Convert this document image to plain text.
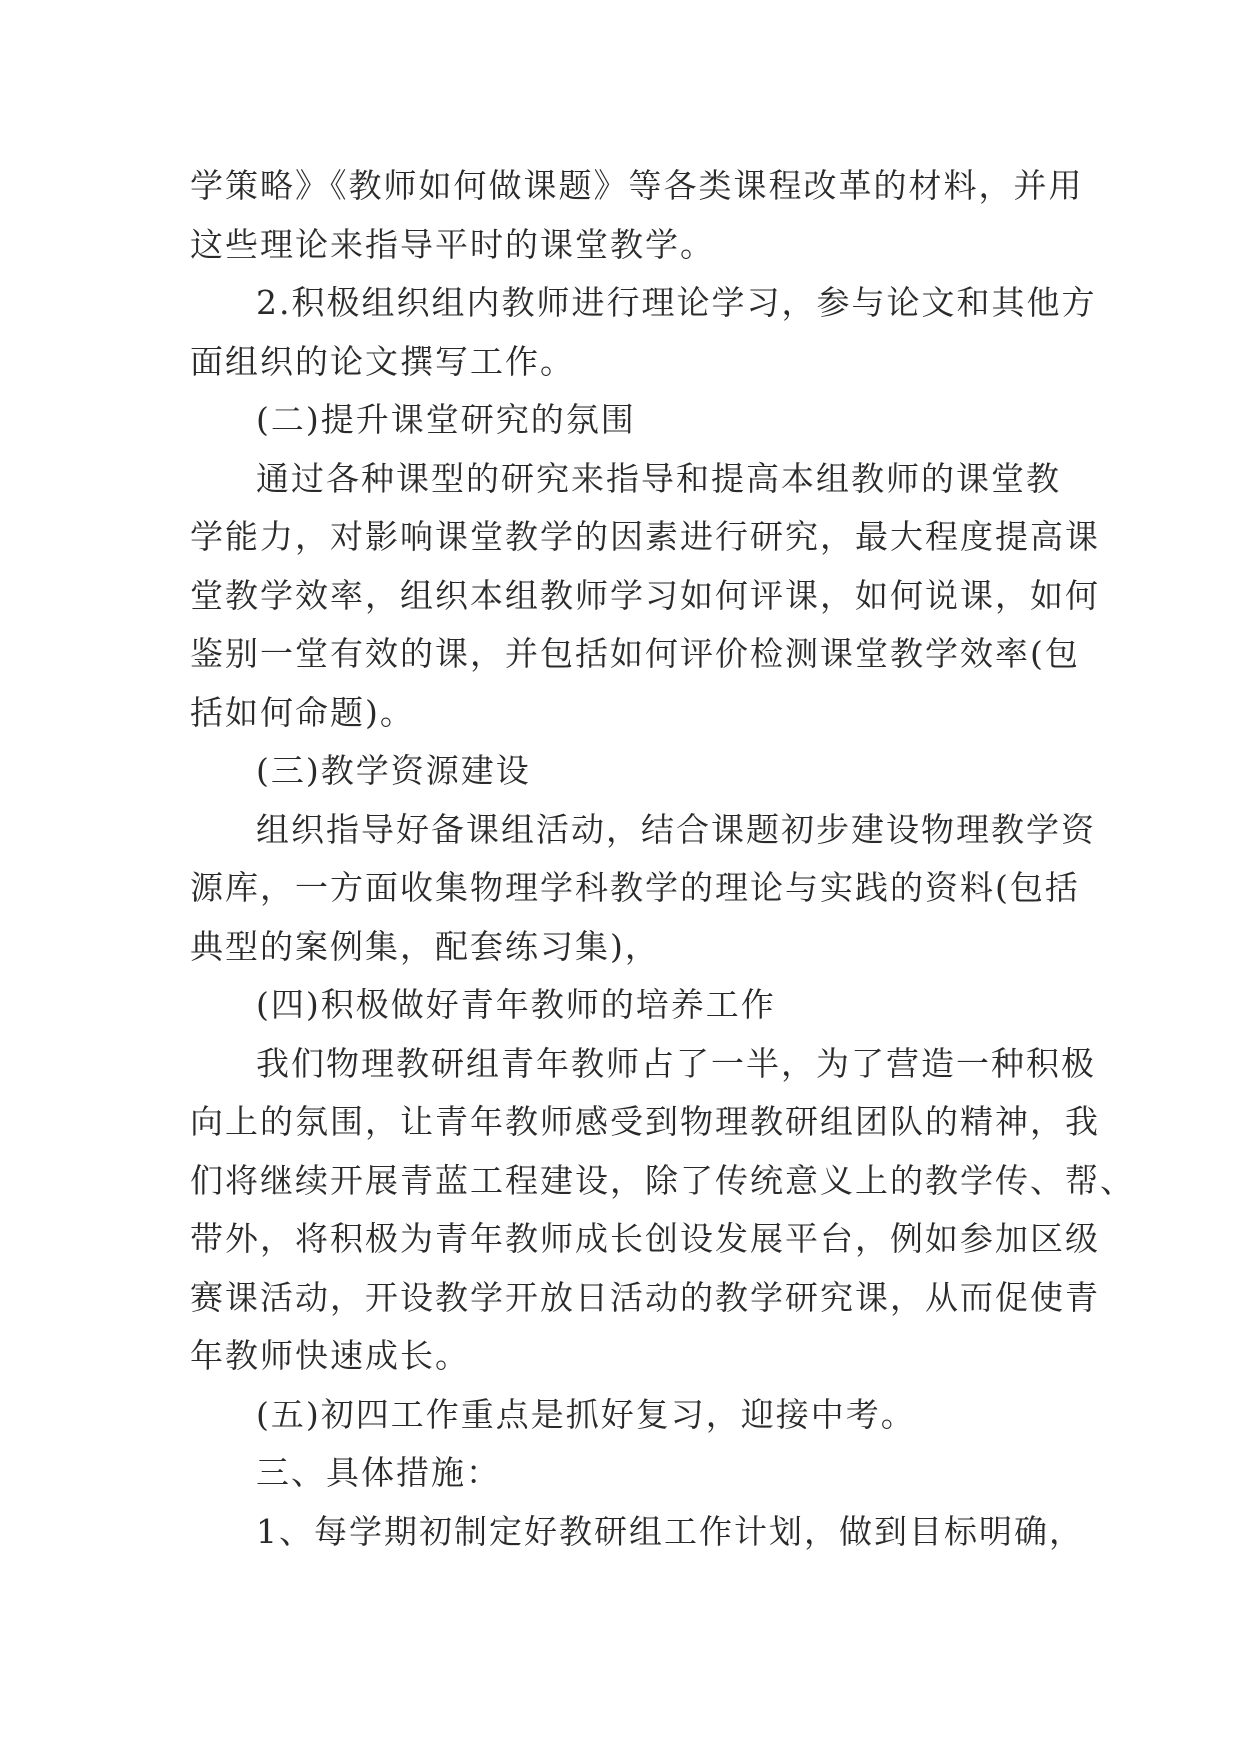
学策略》《教师如何做课题》等各类课程改革的材料，并用
这些理论来指导平时的课堂教学。
2.积极组织组内教师进行理论学习，参与论文和其他方
面组织的论文撰写工作。
(二)提升课堂研究的氛围
通过各种课型的研究来指导和提高本组教师的课堂教
学能力，对影响课堂教学的因素进行研究，最大程度提高课
堂教学效率，组织本组教师学习如何评课，如何说课，如何
鉴别一堂有效的课，并包括如何评价检测课堂教学效率(包
括如何命题)。
(三)教学资源建设
组织指导好备课组活动，结合课题初步建设物理教学资
源库，一方面收集物理学科教学的理论与实践的资料(包括
典型的案例集，配套练习集)，
(四)积极做好青年教师的培养工作
我们物理教研组青年教师占了一半，为了营造一种积极
向上的氛围，让青年教师感受到物理教研组团队的精神，我
们将继续开展青蓝工程建设，除了传统意义上的教学传、帮、
带外，将积极为青年教师成长创设发展平台，例如参加区级
赛课活动，开设教学开放日活动的教学研究课，从而促使青
年教师快速成长。
(五)初四工作重点是抓好复习，迎接中考。
三、具体措施：
1、每学期初制定好教研组工作计划，做到目标明确，
